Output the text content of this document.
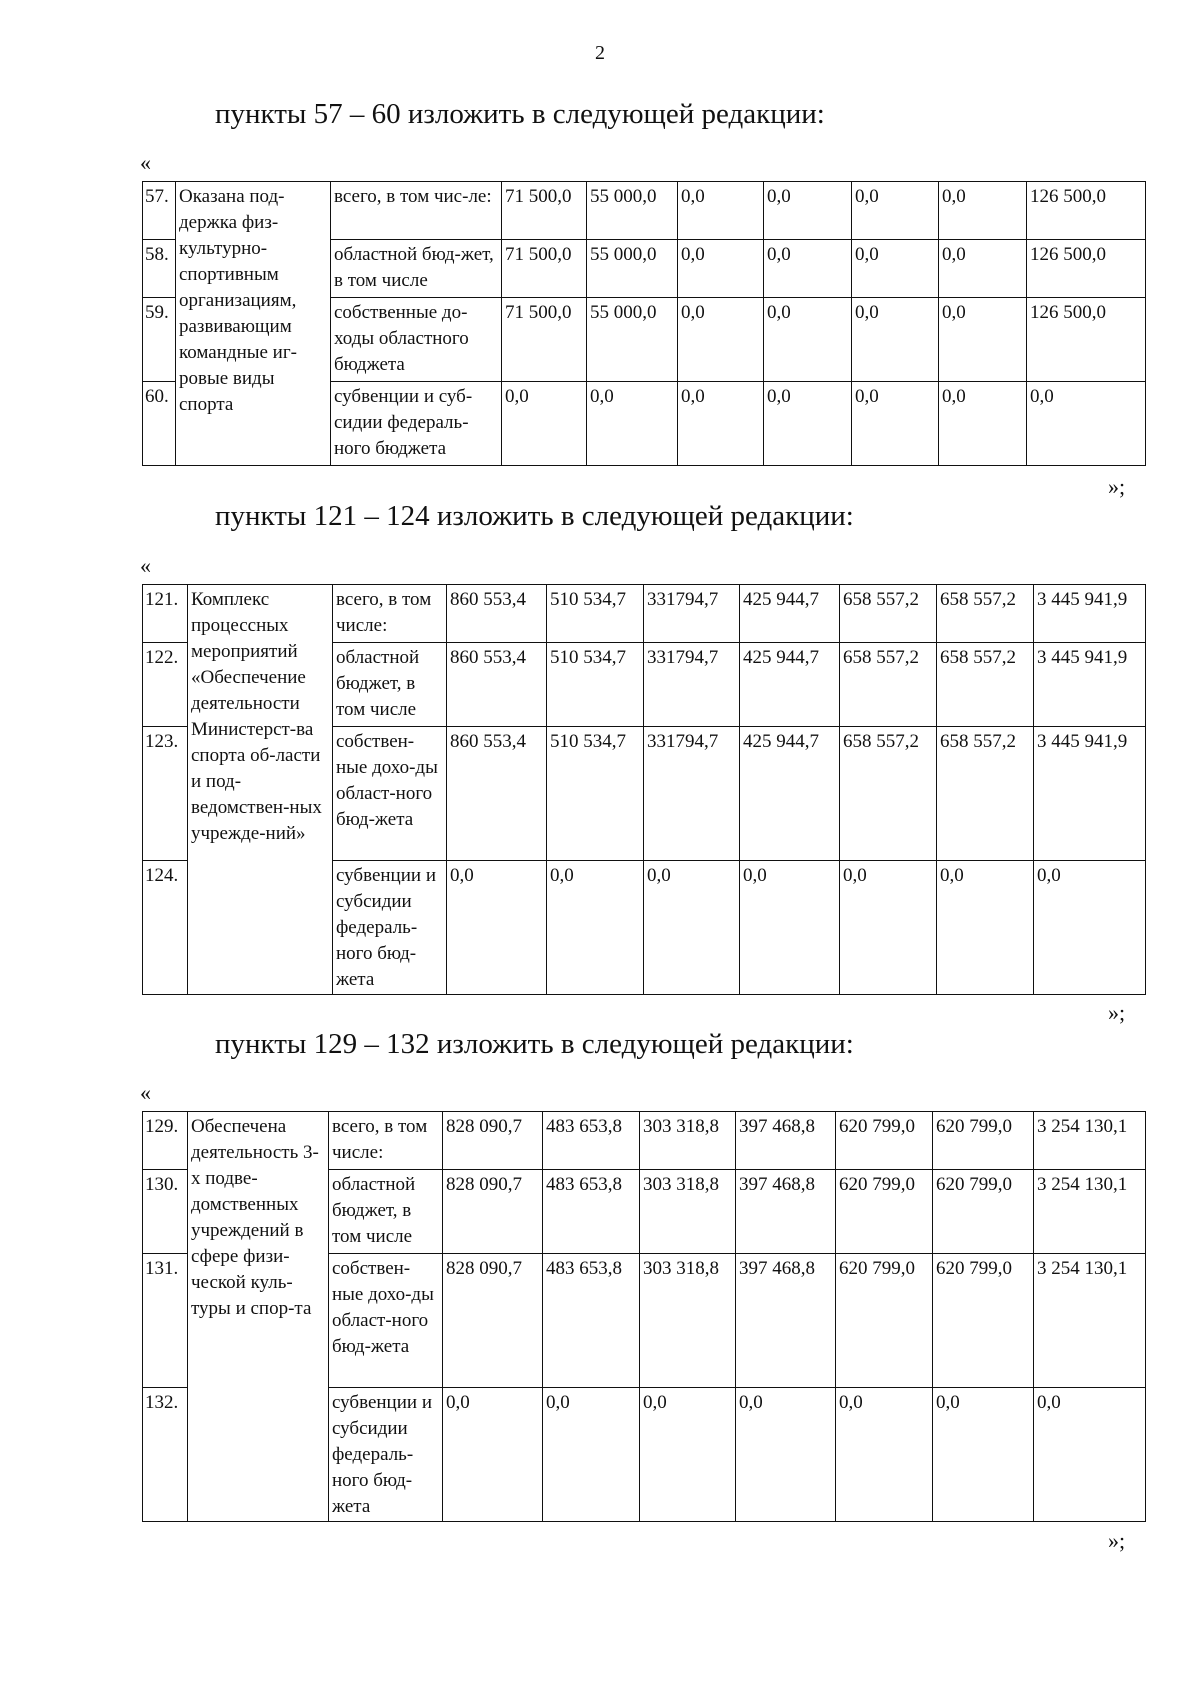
2
пункты 57 – 60 изложить в следующей редакции:
«
57.	Оказана под-держка физ-культурно-спортивным организациям, развивающим командные иг-ровые виды спорта	всего, в том чис-ле:	71 500,0	55 000,0	0,0	0,0	0,0	0,0	126 500,0
58.		областной бюд-жет, в том числе	71 500,0	55 000,0	0,0	0,0	0,0	0,0	126 500,0
59.		собственные до-ходы областного бюджета	71 500,0	55 000,0	0,0	0,0	0,0	0,0	126 500,0
60.		субвенции и суб-сидии федераль-ного бюджета	0,0	0,0	0,0	0,0	0,0	0,0	0,0
»;
пункты 121 – 124 изложить в следующей редакции:
«
121.	Комплекс процессных мероприятий «Обеспечение деятельности Министерст-ва спорта об-ласти и под-ведомствен-ных учрежде-ний»	всего, в том числе:	860 553,4	510 534,7	331794,7	425 944,7	658 557,2	658 557,2	3 445 941,9
122.		областной бюджет, в том числе	860 553,4	510 534,7	331794,7	425 944,7	658 557,2	658 557,2	3 445 941,9
123.		собствен-ные дохо-ды област-ного бюд-жета	860 553,4	510 534,7	331794,7	425 944,7	658 557,2	658 557,2	3 445 941,9
124.		субвенции и субсидии федераль-ного бюд-жета	0,0	0,0	0,0	0,0	0,0	0,0	0,0
»;
пункты 129 – 132 изложить в следующей редакции:
«
129.	Обеспечена деятельность 3-х подве-домственных учреждений в сфере физи-ческой куль-туры и спор-та	всего, в том числе:	828 090,7	483 653,8	303 318,8	397 468,8	620 799,0	620 799,0	3 254 130,1
130.		областной бюджет, в том числе	828 090,7	483 653,8	303 318,8	397 468,8	620 799,0	620 799,0	3 254 130,1
131.		собствен-ные дохо-ды област-ного бюд-жета	828 090,7	483 653,8	303 318,8	397 468,8	620 799,0	620 799,0	3 254 130,1
132.		субвенции и субсидии федераль-ного бюд-жета	0,0	0,0	0,0	0,0	0,0	0,0	0,0
»;
